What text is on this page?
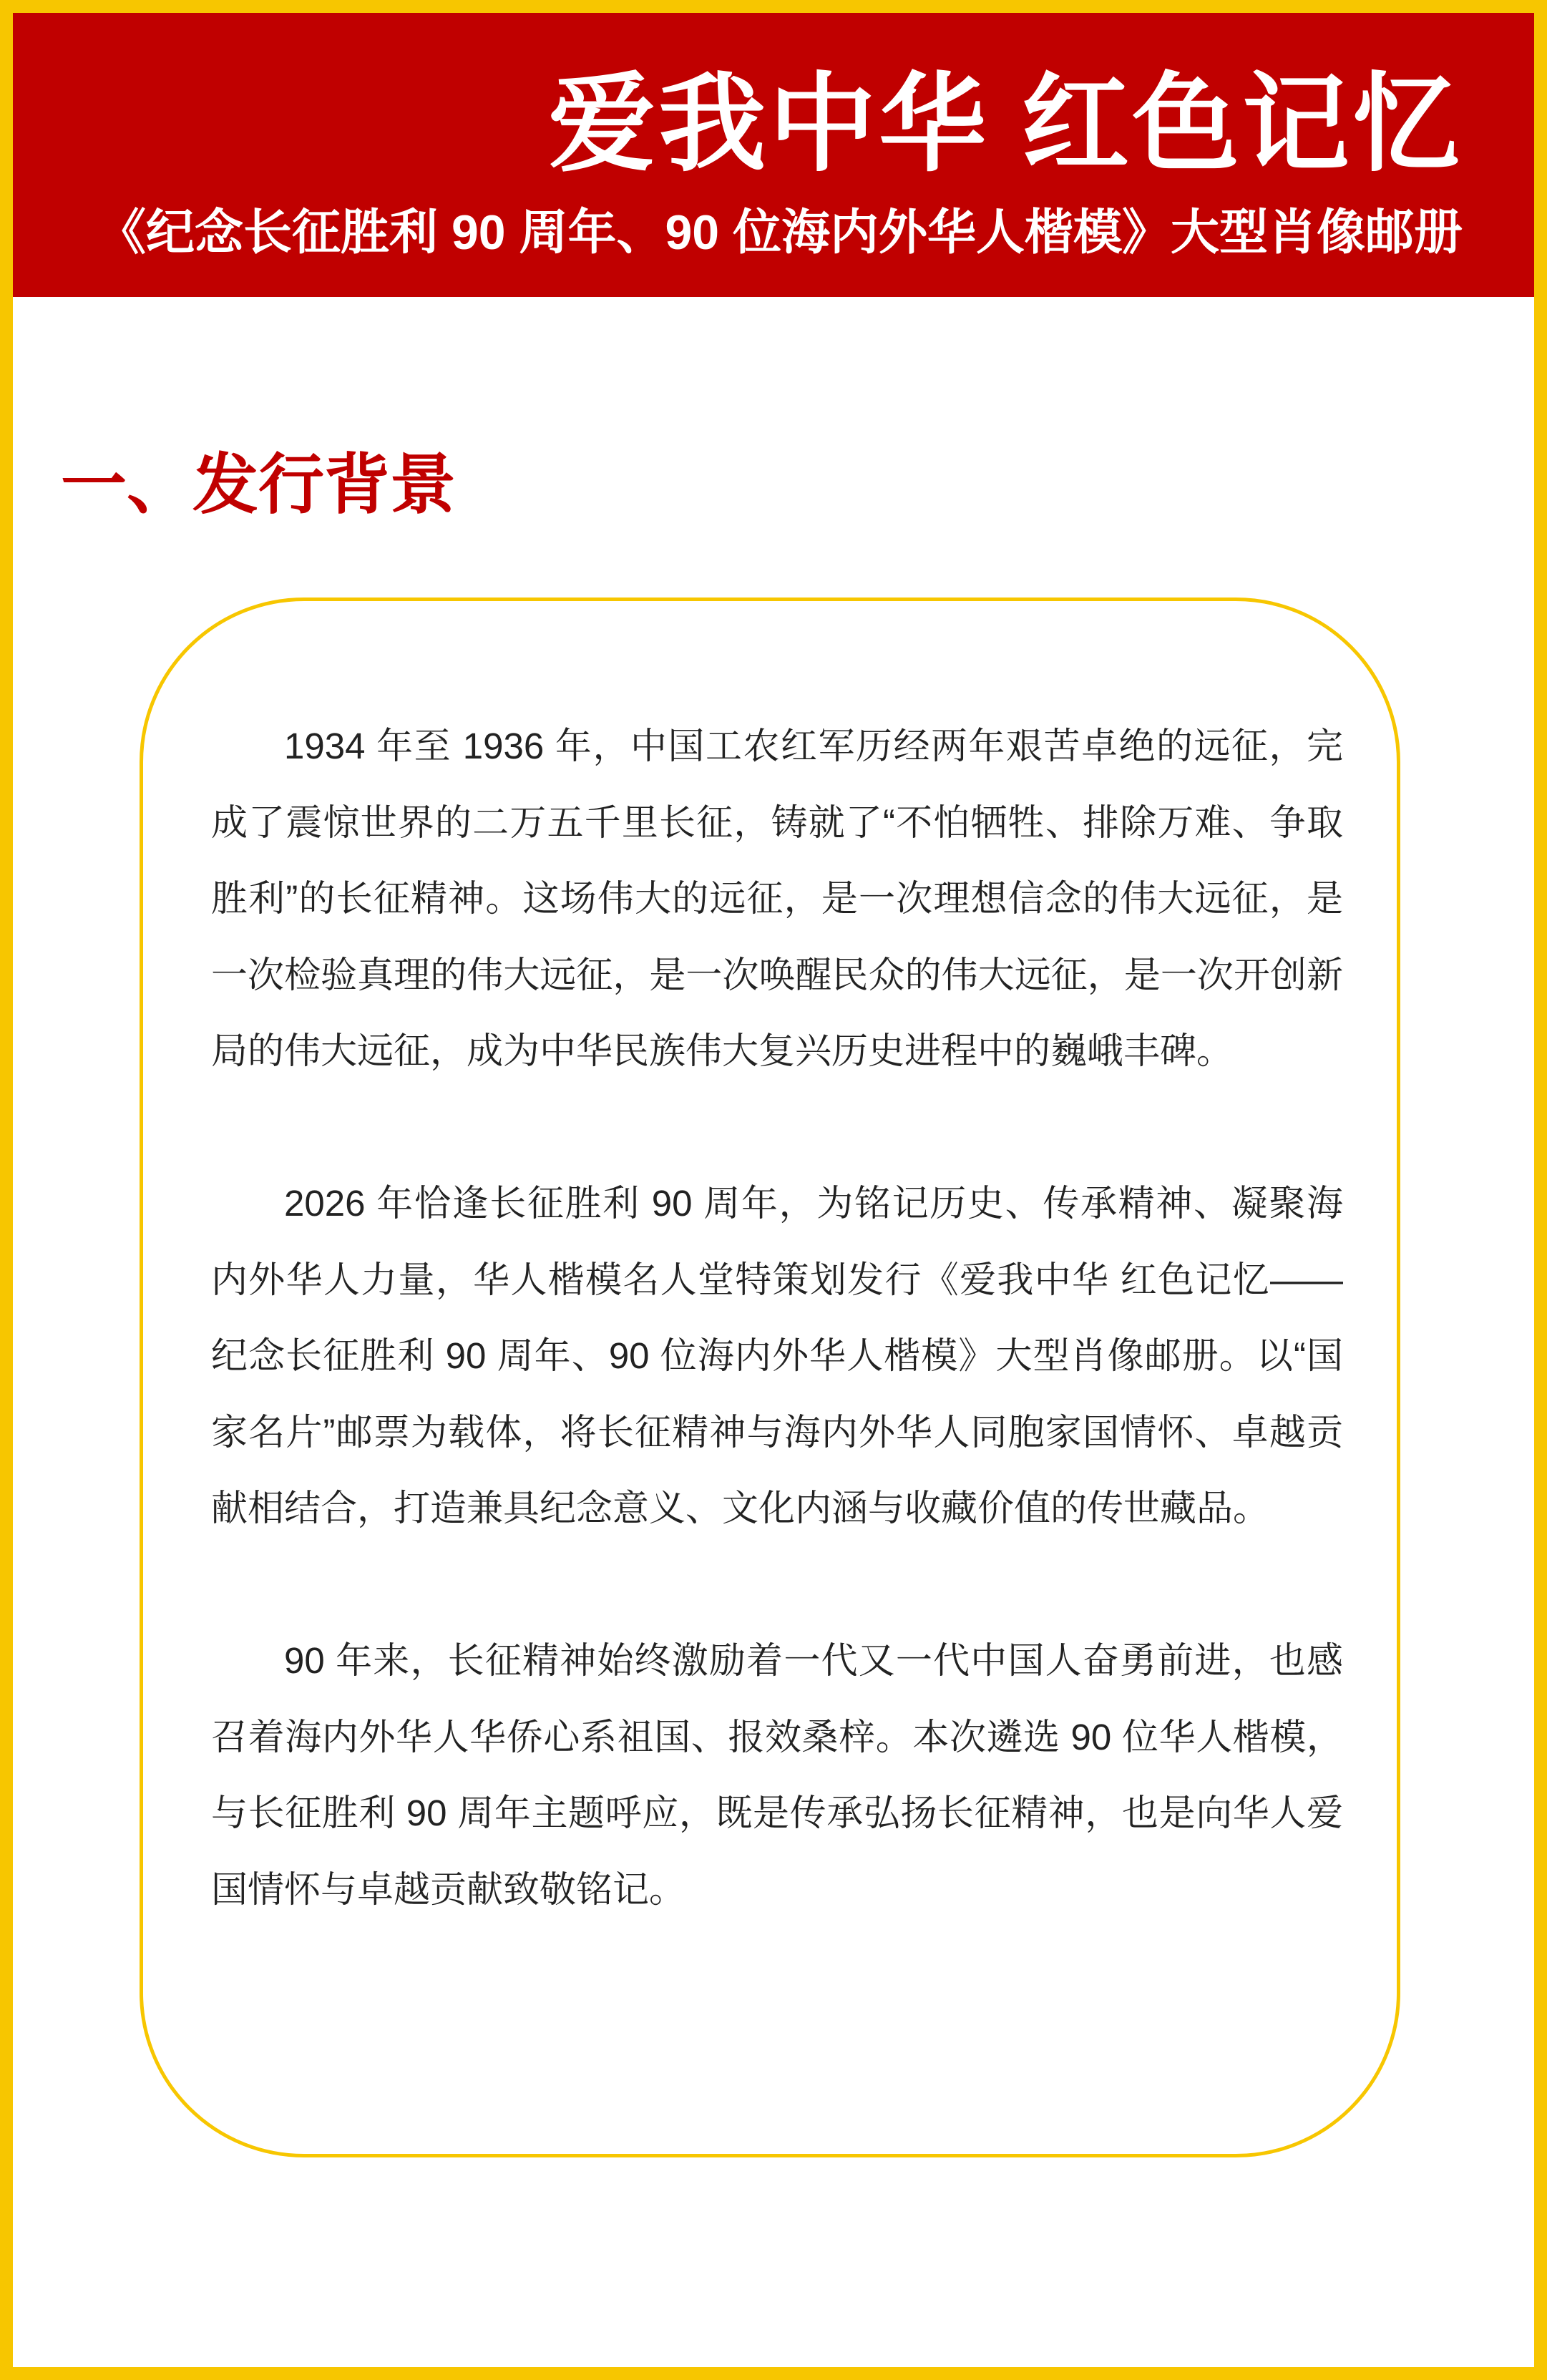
爱我中华 红色记忆
《纪念长征胜利 90 周年、90 位海内外华人楷模》大型肖像邮册
一、发行背景

1934 年至 1936 年，中国工农红军历经两年艰苦卓绝的远征，完成了震惊世界的二万五千里长征，铸就了“不怕牺牲、排除万难、争取胜利”的长征精神。这场伟大的远征，是一次理想信念的伟大远征，是一次检验真理的伟大远征，是一次唤醒民众的伟大远征，是一次开创新局的伟大远征，成为中华民族伟大复兴历史进程中的巍峨丰碑。

2026 年恰逢长征胜利 90 周年，为铭记历史、传承精神、凝聚海内外华人力量，华人楷模名人堂特策划发行《爱我中华 红色记忆——纪念长征胜利 90 周年、90 位海内外华人楷模》大型肖像邮册。以“国家名片”邮票为载体，将长征精神与海内外华人同胞家国情怀、卓越贡献相结合，打造兼具纪念意义、文化内涵与收藏价值的传世藏品。

90 年来，长征精神始终激励着一代又一代中国人奋勇前进，也感召着海内外华人华侨心系祖国、报效桑梓。本次遴选 90 位华人楷模，与长征胜利 90 周年主题呼应，既是传承弘扬长征精神，也是向华人爱国情怀与卓越贡献致敬铭记。
